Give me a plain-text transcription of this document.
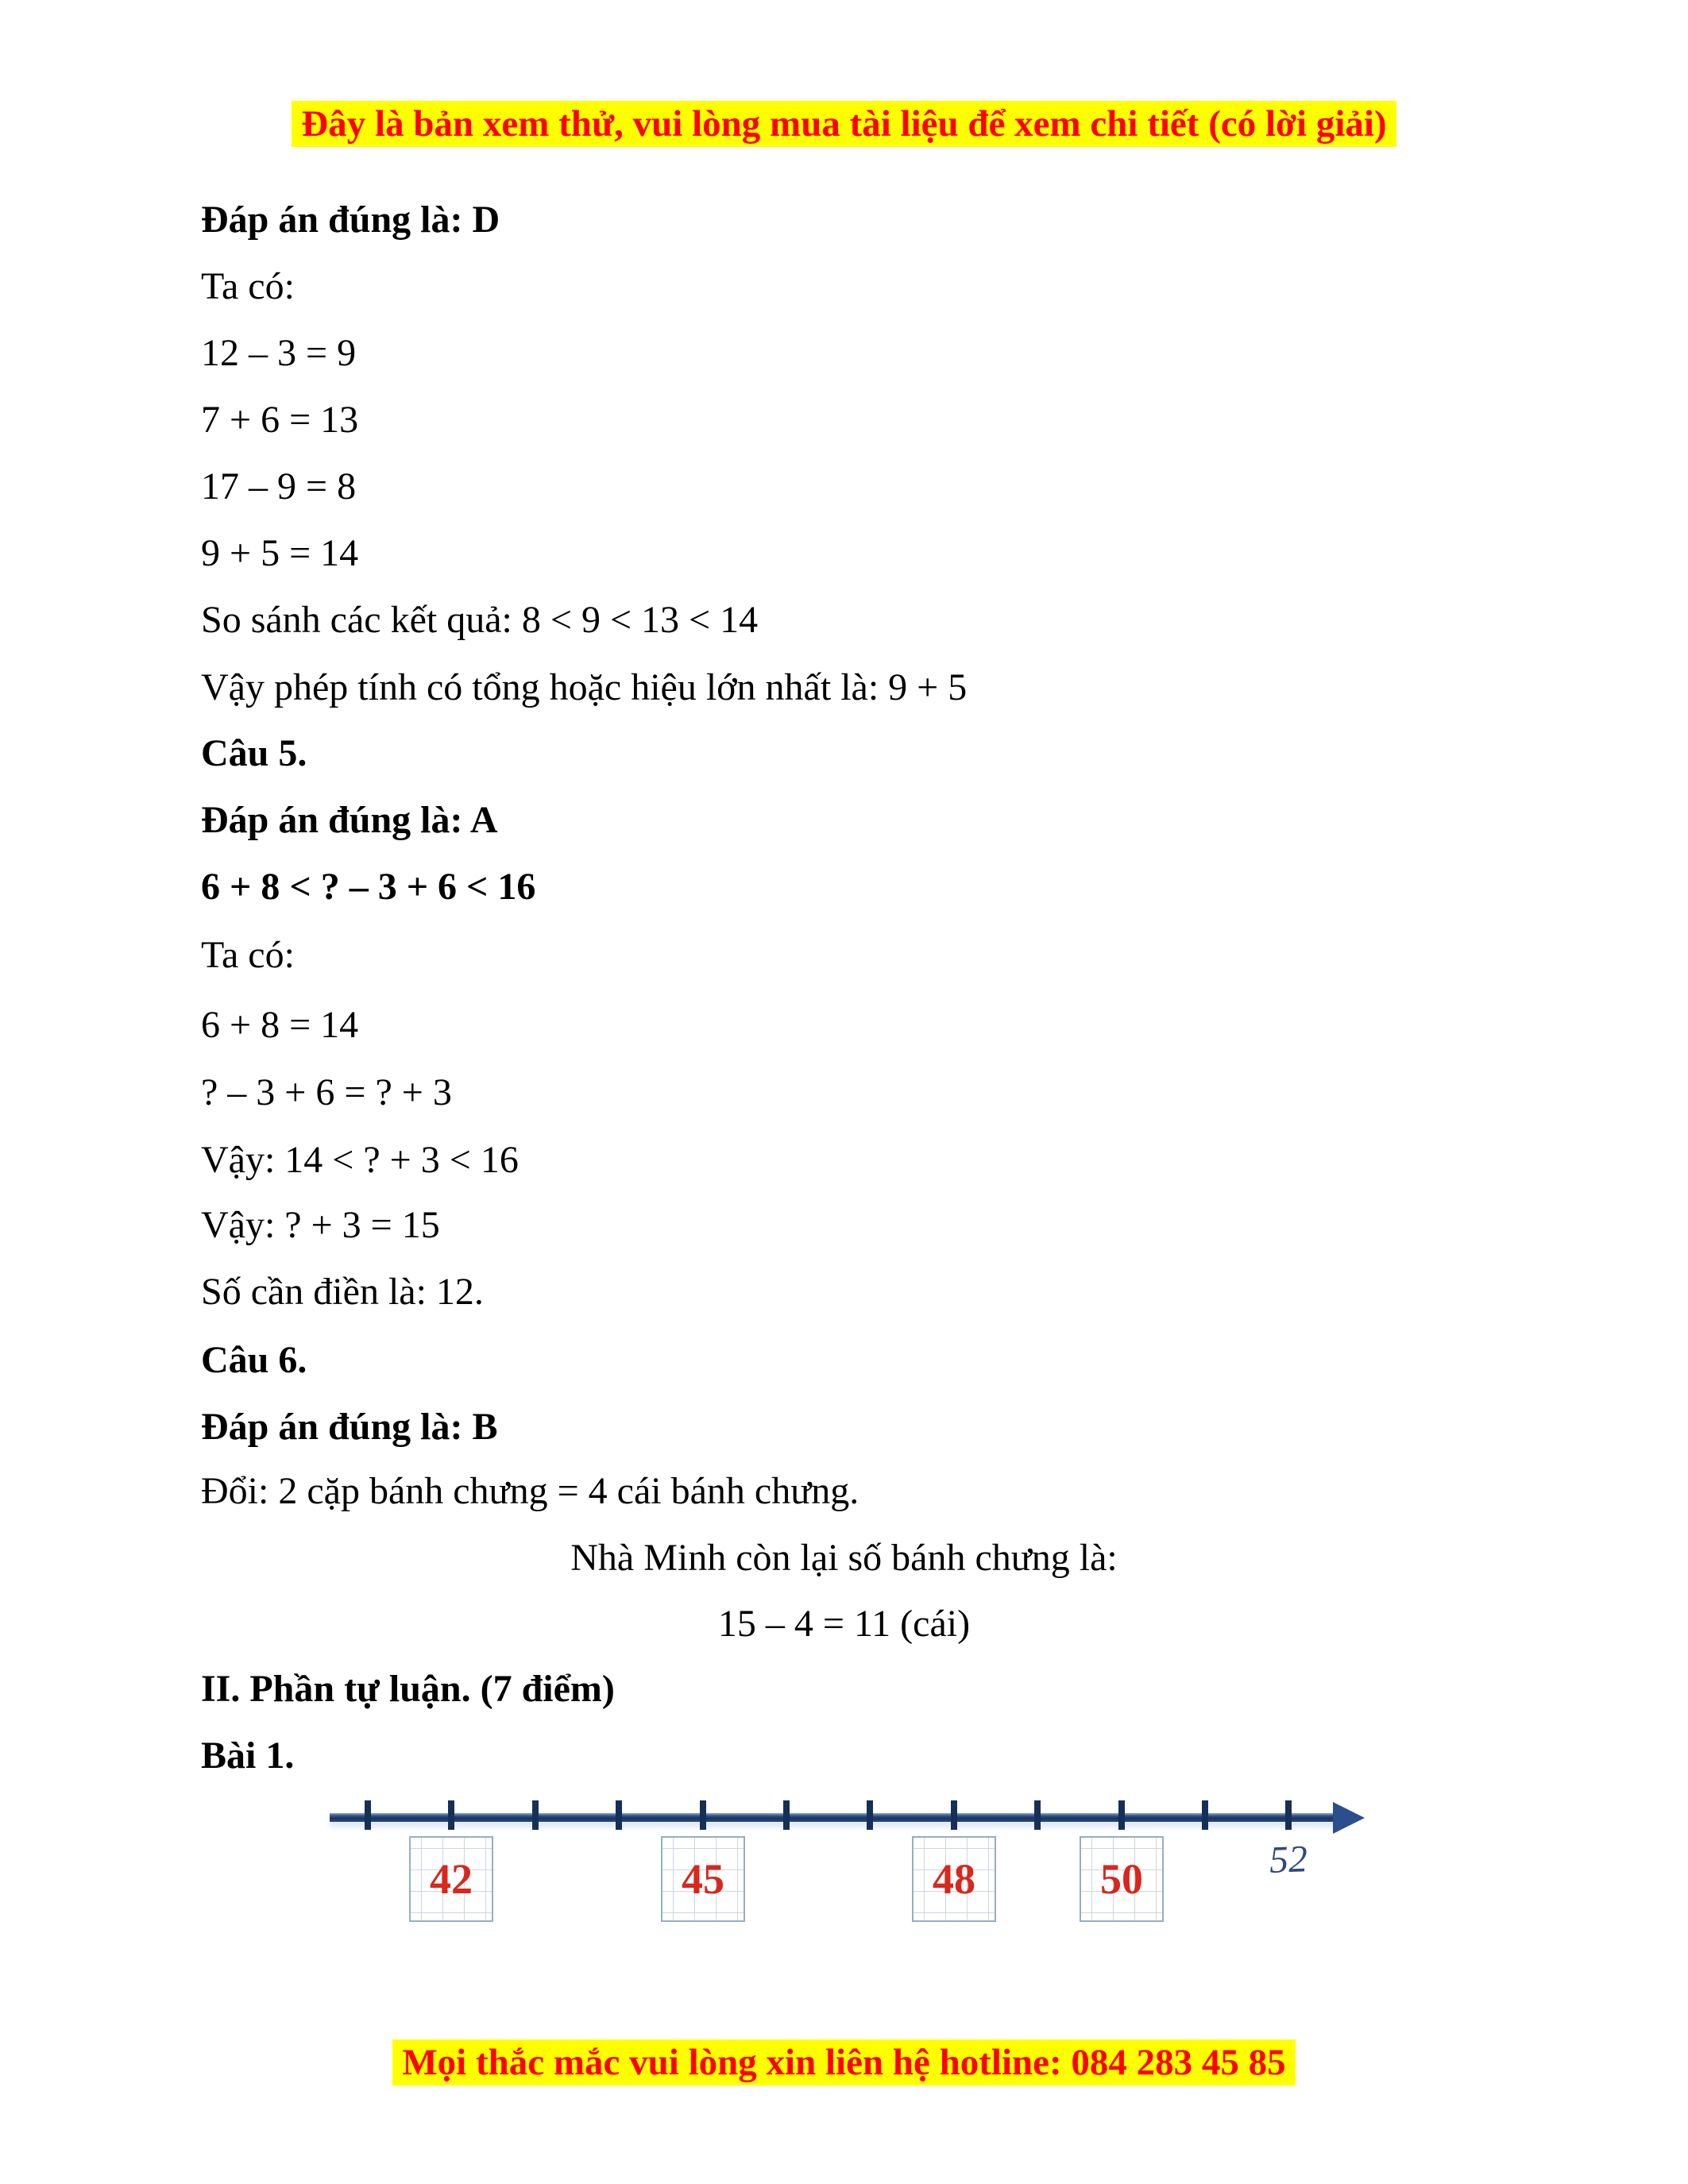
Đây là bản xem thử, vui lòng mua tài liệu để xem chi tiết (có lời giải)

Đáp án đúng là: D

Ta có:

12 – 3 = 9

7 + 6 = 13

17 – 9 = 8

9 + 5 = 14

So sánh các kết quả: 8 < 9 < 13 < 14

Vậy phép tính có tổng hoặc hiệu lớn nhất là: 9 + 5

Câu 5.

Đáp án đúng là: A

6 + 8 < ? – 3 + 6 < 16

Ta có:

6 + 8 = 14

? – 3 + 6 = ? + 3

Vậy: 14 < ? + 3 < 16

Vậy: ? + 3 = 15

Số cần điền là: 12.

Câu 6.

Đáp án đúng là: B

Đổi: 2 cặp bánh chưng = 4 cái bánh chưng.

Nhà Minh còn lại số bánh chưng là:

15 – 4 = 11 (cái)

II. Phần tự luận. (7 điểm)

Bài 1.

42	45	48	50	52
Mọi thắc mắc vui lòng xin liên hệ hotline: 084 283 45 85
